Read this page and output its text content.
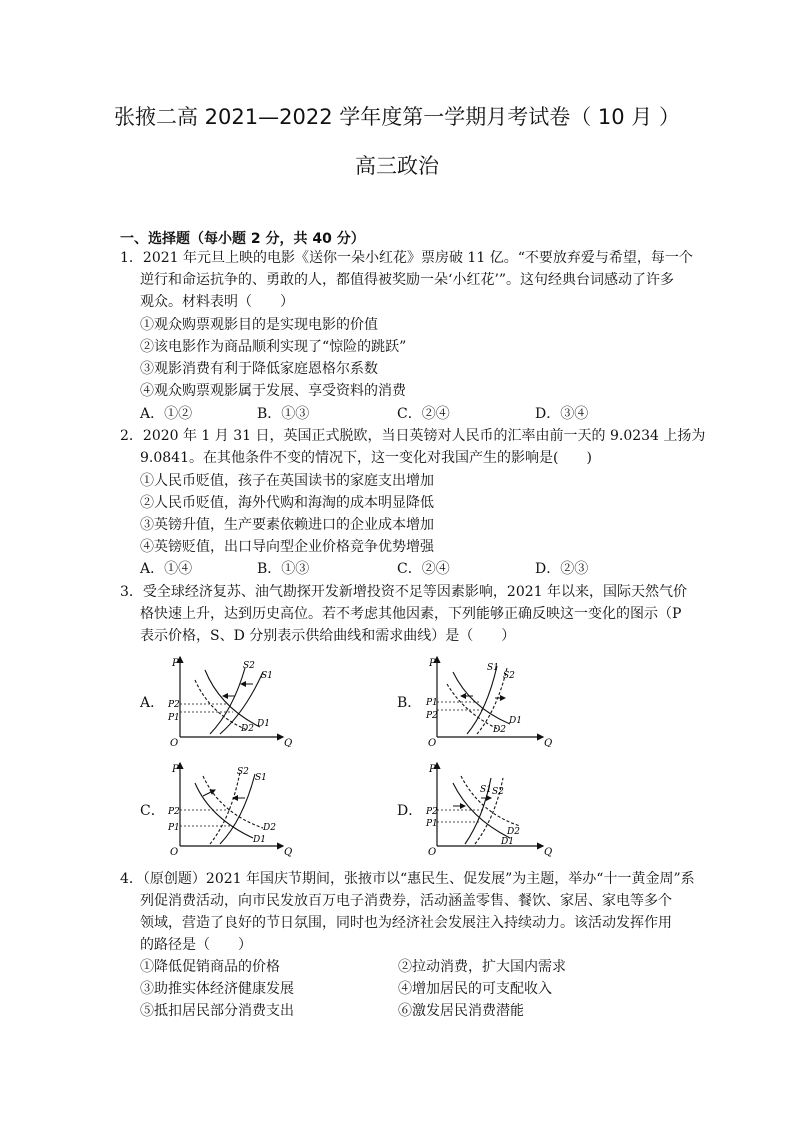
张掖二高 2021—2022 学年度第一学期月考试卷（ 10 月 ）
高三政治
一、选择题（每小题 2 分，共 40 分）
1．2021 年元旦上映的电影《送你一朵小红花》票房破 11 亿。“不要放弃爱与希望，每一个
逆行和命运抗争的、勇敢的人，都值得被奖励一朵‘小红花’”。这句经典台词感动了许多
观众。材料表明（　　）
①观众购票观影目的是实现电影的价值
②该电影作为商品顺利实现了“惊险的跳跃”
③观影消费有利于降低家庭恩格尔系数
④观众购票观影属于发展、享受资料的消费
A．①②	B．①③	C．②④	D．③④
2．2020 年 1 月 31 日，英国正式脱欧，当日英镑对人民币的汇率由前一天的 9.0234 上扬为
9.0841。在其他条件不变的情况下，这一变化对我国产生的影响是(　　)
①人民币贬值，孩子在英国读书的家庭支出增加
②人民币贬值，海外代购和海淘的成本明显降低
③英镑升值，生产要素依赖进口的企业成本增加
④英镑贬值，出口导向型企业价格竞争优势增强
A．①④	B．①③	C．②④	D．②③
3．受全球经济复苏、油气勘探开发新增投资不足等因素影响，2021 年以来，国际天然气价
格快速上升，达到历史高位。若不考虑其他因素，下列能够正确反映这一变化的图示（P
表示价格，S、D 分别表示供给曲线和需求曲线）是（　　）
A．	B．
C．	D．
P
Q
O
P2
P1
S2
S1
D1
D2
P
Q
O
P1
P2
S1
S2
D1
D2
P
Q
O
P2
P1
S2
S1
D2
D1
P
Q
O
P2
P1
S1 S2
D2
D1
4．（原创题）2021 年国庆节期间，张掖市以“惠民生、促发展”为主题，举办“十一黄金周”系
列促消费活动，向市民发放百万电子消费券，活动涵盖零售、餐饮、家居、家电等多个
领域，营造了良好的节日氛围，同时也为经济社会发展注入持续动力。该活动发挥作用
的路径是（　　）
①降低促销商品的价格	②拉动消费，扩大国内需求
③助推实体经济健康发展	④增加居民的可支配收入
⑤抵扣居民部分消费支出	⑥激发居民消费潜能
